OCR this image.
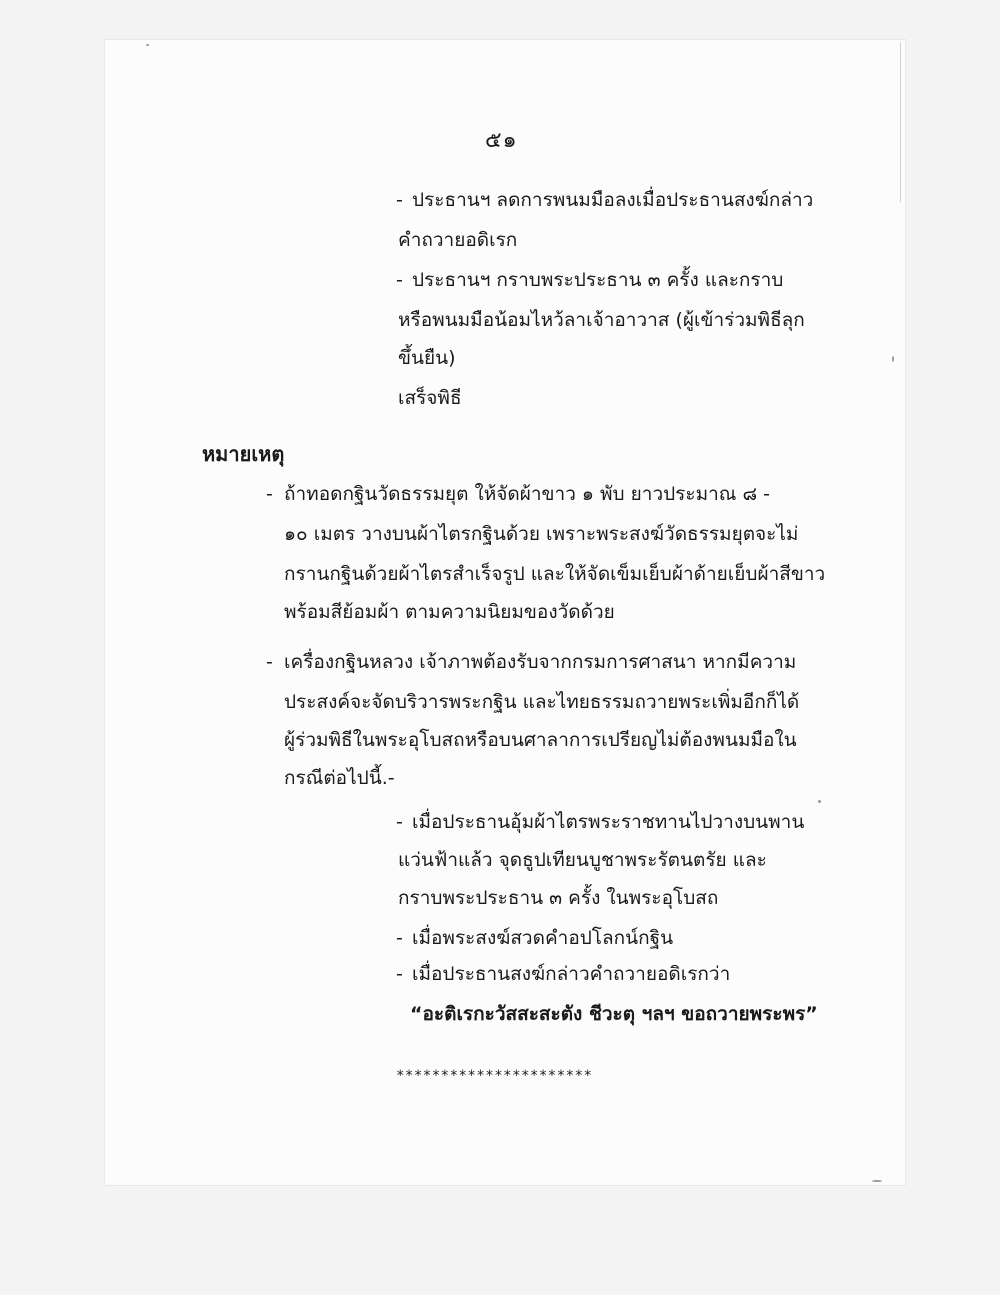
๕๑
- ประธานฯ ลดการพนมมือลงเมื่อประธานสงฆ์กล่าว
คำถวายอดิเรก
- ประธานฯ กราบพระประธาน ๓ ครั้ง และกราบ
หรือพนมมือน้อมไหว้ลาเจ้าอาวาส (ผู้เข้าร่วมพิธีลุก
ขึ้นยืน)
เสร็จพิธี
หมายเหตุ
- ถ้าทอดกฐินวัดธรรมยุต ให้จัดผ้าขาว ๑ พับ ยาวประมาณ ๘ -
๑๐ เมตร วางบนผ้าไตรกฐินด้วย เพราะพระสงฆ์วัดธรรมยุตจะไม่
กรานกฐินด้วยผ้าไตรสำเร็จรูป และให้จัดเข็มเย็บผ้าด้ายเย็บผ้าสีขาว
พร้อมสีย้อมผ้า ตามความนิยมของวัดด้วย
- เครื่องกฐินหลวง เจ้าภาพต้องรับจากกรมการศาสนา หากมีความ
ประสงค์จะจัดบริวารพระกฐิน และไทยธรรมถวายพระเพิ่มอีกก็ได้
ผู้ร่วมพิธีในพระอุโบสถหรือบนศาลาการเปรียญไม่ต้องพนมมือใน
กรณีต่อไปนี้.-
- เมื่อประธานอุ้มผ้าไตรพระราชทานไปวางบนพาน
แว่นฟ้าแล้ว จุดธูปเทียนบูชาพระรัตนตรัย และ
กราบพระประธาน ๓ ครั้ง ในพระอุโบสถ
- เมื่อพระสงฆ์สวดคำอปโลกน์กฐิน
- เมื่อประธานสงฆ์กล่าวคำถวายอดิเรกว่า
“อะติเรกะวัสสะสะตัง ชีวะตุ ฯลฯ ขอถวายพระพร”
**********************
